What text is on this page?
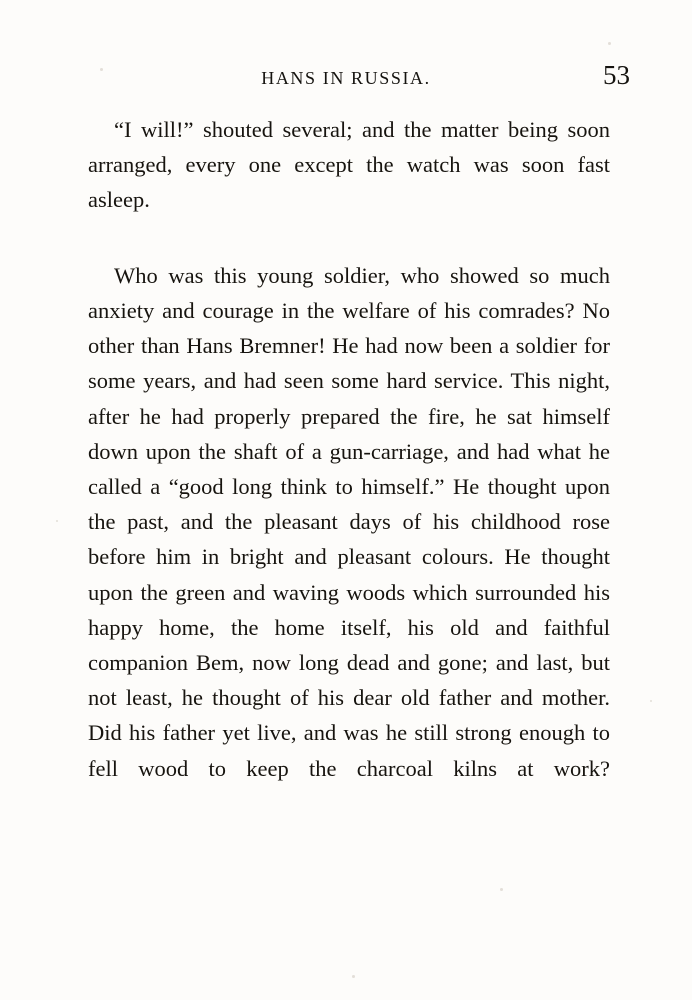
HANS IN RUSSIA.	53

“I will!” shouted several; and the matter being soon arranged, every one except the watch was soon fast asleep.

Who was this young soldier, who showed so much anxiety and courage in the welfare of his comrades? No other than Hans Bremner! He had now been a soldier for some years, and had seen some hard service. This night, after he had properly prepared the fire, he sat himself down upon the shaft of a gun-carriage, and had what he called a “good long think to himself.” He thought upon the past, and the pleasant days of his childhood rose before him in bright and pleasant colours. He thought upon the green and waving woods which surrounded his happy home, the home itself, his old and faithful companion Bem, now long dead and gone; and last, but not least, he thought of his dear old father and mother. Did his father yet live, and was he still strong enough to fell wood to keep the charcoal kilns at work?
